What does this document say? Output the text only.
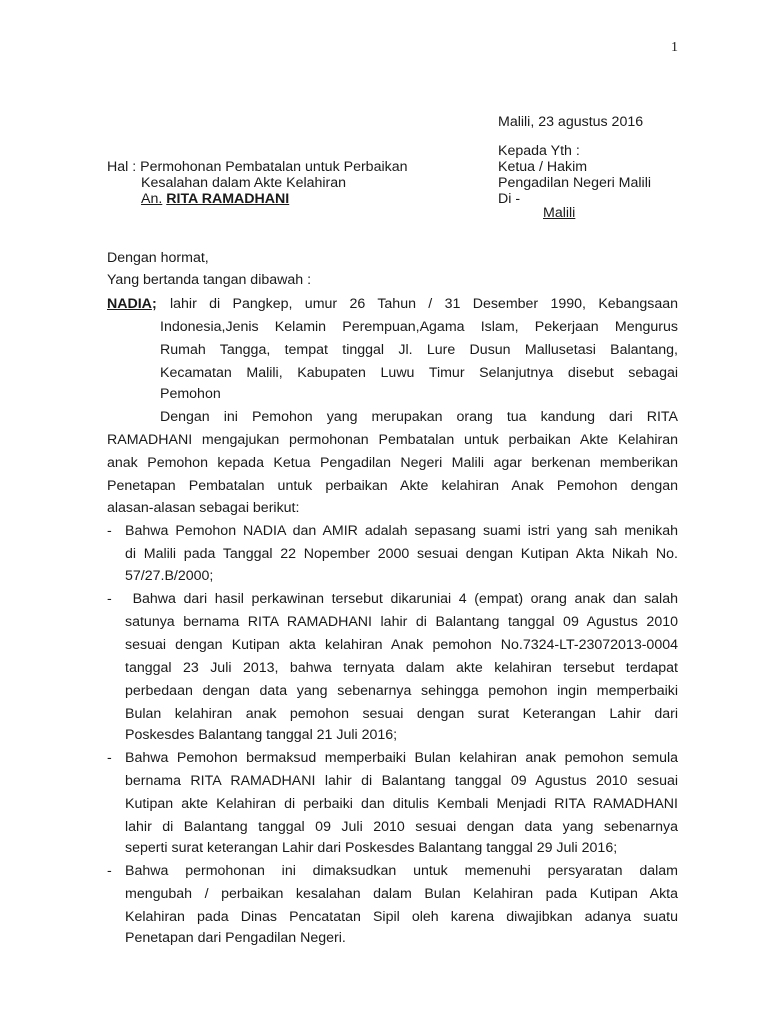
1
Malili, 23 agustus 2016
Kepada Yth :
Ketua / Hakim
Pengadilan Negeri Malili
Di -
Malili
Hal : Permohonan Pembatalan untuk Perbaikan
Kesalahan dalam Akte Kelahiran
An. RITA RAMADHANI
Dengan hormat,
Yang bertanda tangan dibawah :
NADIA; lahir di Pangkep, umur 26 Tahun / 31 Desember 1990, Kebangsaan
Indonesia,Jenis Kelamin Perempuan,Agama Islam, Pekerjaan Mengurus
Rumah Tangga, tempat tinggal Jl. Lure Dusun Mallusetasi Balantang,
Kecamatan Malili, Kabupaten Luwu Timur Selanjutnya disebut sebagai
Pemohon
Dengan ini Pemohon yang merupakan orang tua kandung dari RITA
RAMADHANI mengajukan permohonan Pembatalan untuk perbaikan Akte Kelahiran
anak Pemohon kepada Ketua Pengadilan Negeri Malili agar berkenan memberikan
Penetapan Pembatalan untuk perbaikan Akte kelahiran Anak Pemohon dengan
alasan-alasan sebagai berikut:
- Bahwa Pemohon NADIA dan AMIR adalah sepasang suami istri yang sah menikah
di Malili pada Tanggal 22 Nopember 2000 sesuai dengan Kutipan Akta Nikah No.
57/27.B/2000;
- Bahwa dari hasil perkawinan tersebut dikaruniai 4 (empat) orang anak dan salah
satunya bernama RITA RAMADHANI lahir di Balantang tanggal 09 Agustus 2010
sesuai dengan Kutipan akta kelahiran Anak pemohon No.7324-LT-23072013-0004
tanggal 23 Juli 2013, bahwa ternyata dalam akte kelahiran tersebut terdapat
perbedaan dengan data yang sebenarnya sehingga pemohon ingin memperbaiki
Bulan kelahiran anak pemohon sesuai dengan surat Keterangan Lahir dari
Poskesdes Balantang tanggal 21 Juli 2016;
- Bahwa Pemohon bermaksud memperbaiki Bulan kelahiran anak pemohon semula
bernama RITA RAMADHANI lahir di Balantang tanggal 09 Agustus 2010 sesuai
Kutipan akte Kelahiran di perbaiki dan ditulis Kembali Menjadi RITA RAMADHANI
lahir di Balantang tanggal 09 Juli 2010 sesuai dengan data yang sebenarnya
seperti surat keterangan Lahir dari Poskesdes Balantang tanggal 29 Juli 2016;
- Bahwa permohonan ini dimaksudkan untuk memenuhi persyaratan dalam
mengubah / perbaikan kesalahan dalam Bulan Kelahiran pada Kutipan Akta
Kelahiran pada Dinas Pencatatan Sipil oleh karena diwajibkan adanya suatu
Penetapan dari Pengadilan Negeri.
